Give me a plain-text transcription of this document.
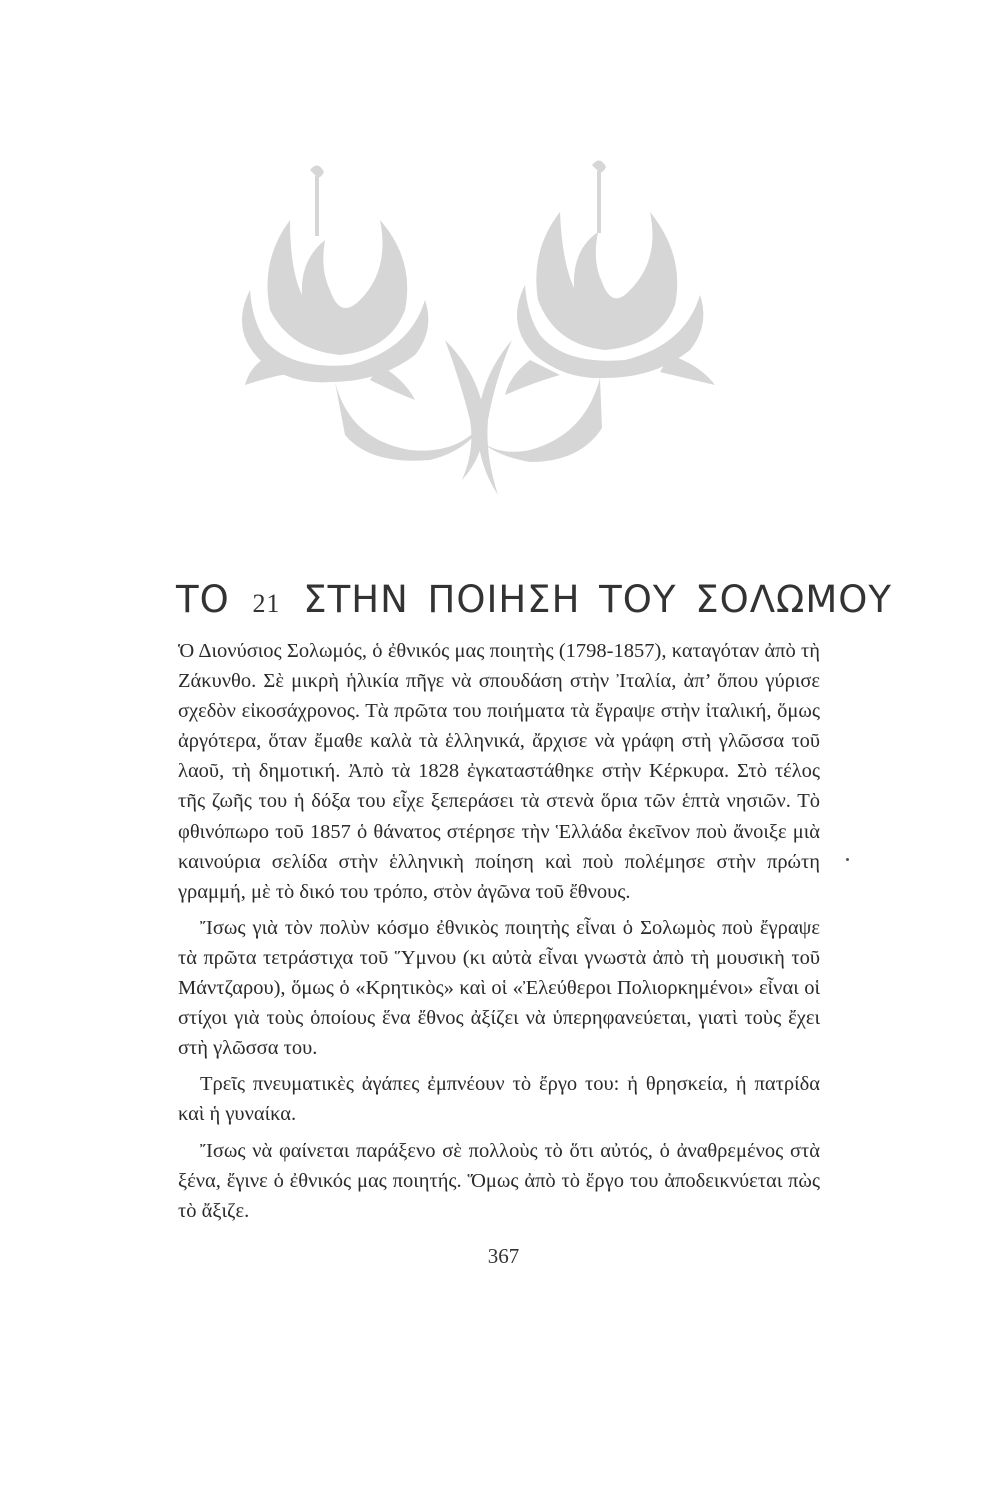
ΤΟ 21 ΣΤΗΝ ΠΟΙΗΣΗ ΤΟΥ ΣΟΛΩΜΟΥ

Ὁ Διονύσιος Σολωμός, ὁ ἐθνικός μας ποιητὴς (1798-1857), καταγόταν ἀπὸ τὴ Ζάκυνθο. Σὲ μικρὴ ἡλικία πῆγε νὰ σπουδάση στὴν Ἰταλία, ἀπ’ ὅπου γύρισε σχεδὸν εἰκοσάχρονος. Τὰ πρῶτα του ποιήματα τὰ ἔγραψε στὴν ἰταλική, ὅμως ἀργότερα, ὅταν ἔμαθε καλὰ τὰ ἑλληνικά, ἄρχισε νὰ γράφη στὴ γλῶσσα τοῦ λαοῦ, τὴ δημοτική. Ἀπὸ τὰ 1828 ἐγκαταστάθηκε στὴν Κέρκυρα. Στὸ τέλος τῆς ζωῆς του ἡ δόξα του εἶχε ξεπεράσει τὰ στενὰ ὅρια τῶν ἑπτὰ νησιῶν. Τὸ φθινόπωρο τοῦ 1857 ὁ θάνατος στέρησε τὴν Ἑλλάδα ἐκεῖνον ποὺ ἄνοιξε μιὰ καινούρια σελίδα στὴν ἑλληνικὴ ποίηση καὶ ποὺ πολέμησε στὴν πρώτη γραμμή, μὲ τὸ δικό του τρόπο, στὸν ἀγῶνα τοῦ ἔθνους.

Ἴσως γιὰ τὸν πολὺν κόσμο ἐθνικὸς ποιητὴς εἶναι ὁ Σολωμὸς ποὺ ἔγραψε τὰ πρῶτα τετράστιχα τοῦ Ὕμνου (κι αὐτὰ εἶναι γνωστὰ ἀπὸ τὴ μουσικὴ τοῦ Μάντζαρου), ὅμως ὁ «Κρητικὸς» καὶ οἱ «Ἐλεύθεροι Πολιορκημένοι» εἶναι οἱ στίχοι γιὰ τοὺς ὁποίους ἕνα ἔθνος ἀξίζει νὰ ὑπερηφανεύεται, γιατὶ τοὺς ἔχει στὴ γλῶσσα του.

Τρεῖς πνευματικὲς ἀγάπες ἐμπνέουν τὸ ἔργο του: ἡ θρησκεία, ἡ πατρίδα καὶ ἡ γυναίκα.

Ἴσως νὰ φαίνεται παράξενο σὲ πολλοὺς τὸ ὅτι αὐτός, ὁ ἀναθρεμένος στὰ ξένα, ἔγινε ὁ ἐθνικός μας ποιητής. Ὅμως ἀπὸ τὸ ἔργο του ἀποδεικνύεται πὼς τὸ ἄξιζε.

367
